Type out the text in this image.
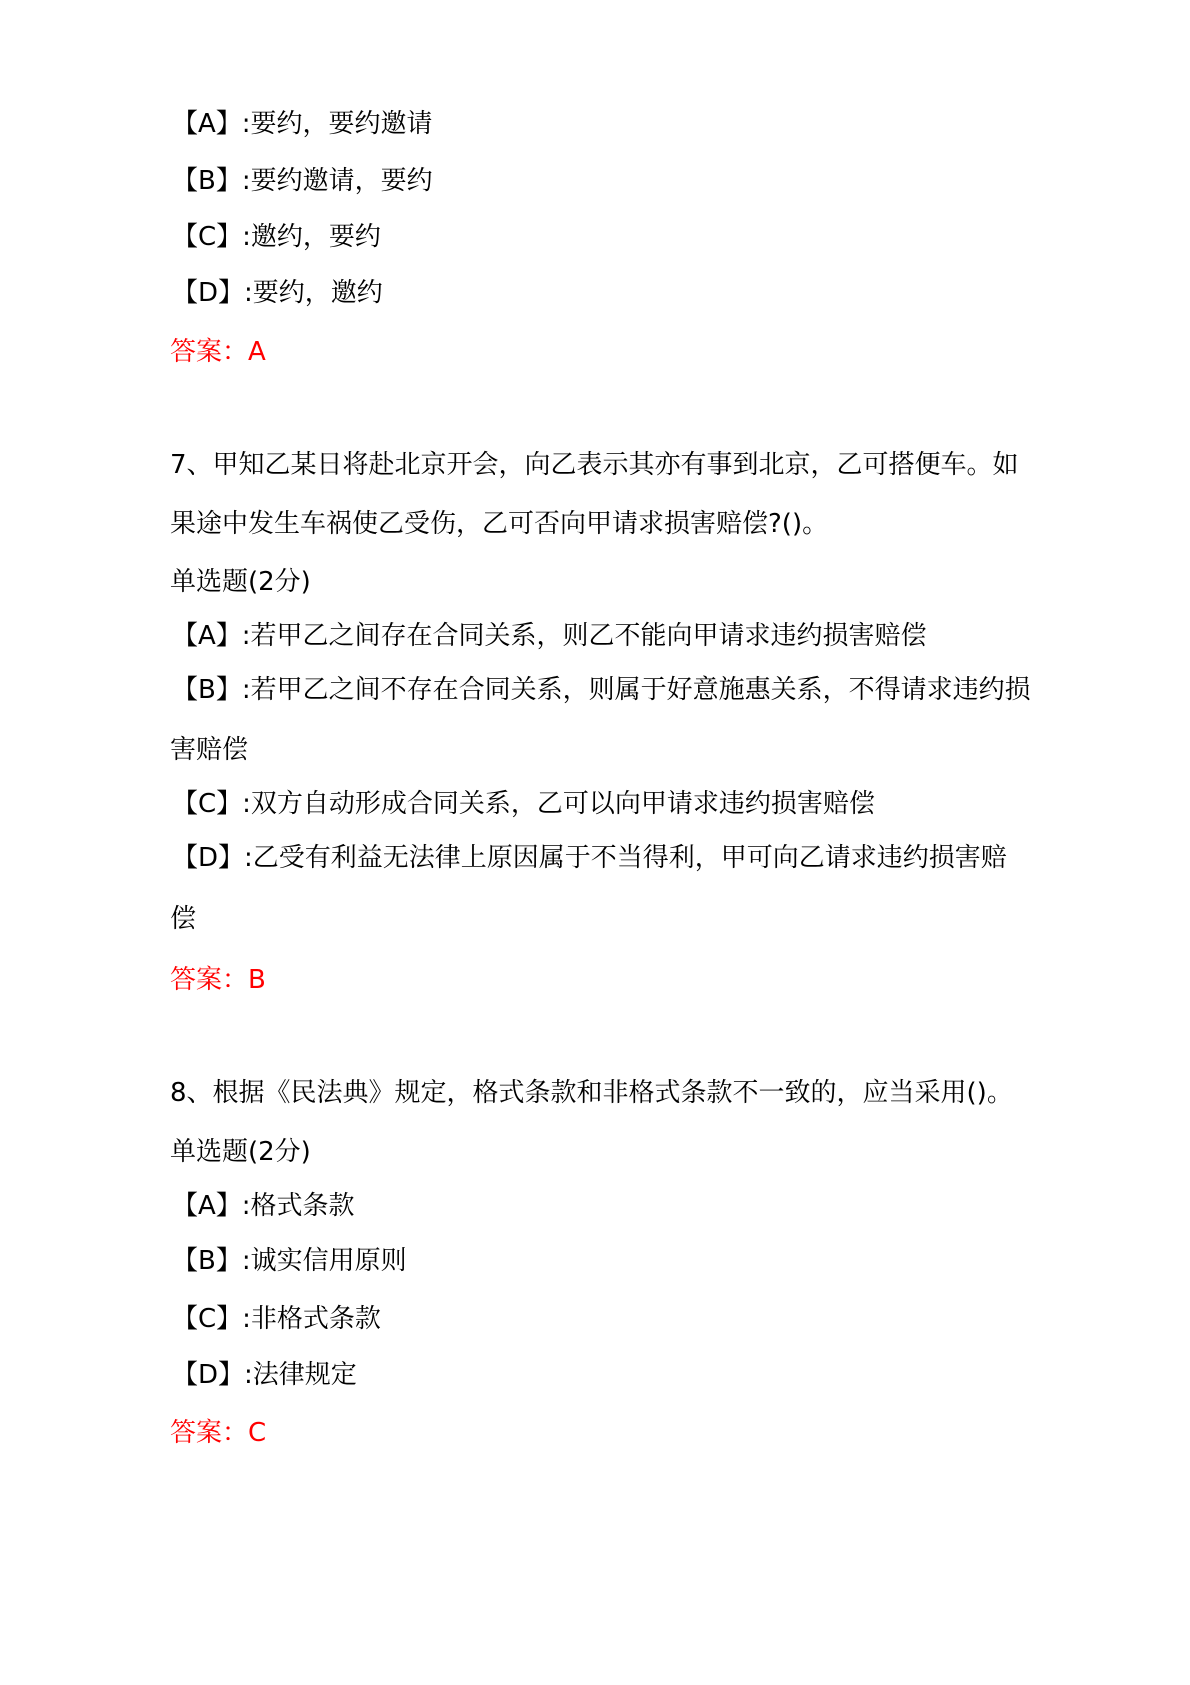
【A】:要约，要约邀请
【B】:要约邀请，要约
【C】:邀约，要约
【D】:要约，邀约
答案：A
7、甲知乙某日将赴北京开会，向乙表示其亦有事到北京，乙可搭便车。如
果途中发生车祸使乙受伤，乙可否向甲请求损害赔偿?()。
单选题(2分)
【A】:若甲乙之间存在合同关系，则乙不能向甲请求违约损害赔偿
【B】:若甲乙之间不存在合同关系，则属于好意施惠关系，不得请求违约损
害赔偿
【C】:双方自动形成合同关系，乙可以向甲请求违约损害赔偿
【D】:乙受有利益无法律上原因属于不当得利，甲可向乙请求违约损害赔
偿
答案：B
8、根据《民法典》规定，格式条款和非格式条款不一致的，应当采用()。
单选题(2分)
【A】:格式条款
【B】:诚实信用原则
【C】:非格式条款
【D】:法律规定
答案：C
